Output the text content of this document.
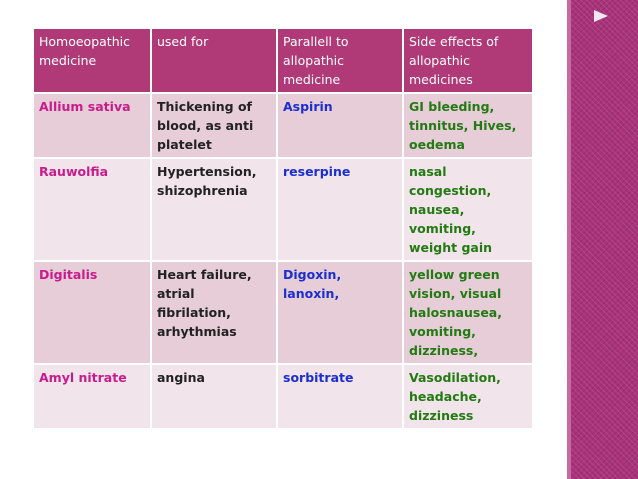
Homoeopathic medicine	used for	Parallell to allopathic medicine	Side effects of allopathic medicines
Allium sativa	Thickening of blood, as anti platelet	Aspirin	GI bleeding, tinnitus, Hives, oedema
Rauwolfia	Hypertension, shizophrenia	reserpine	nasal congestion, nausea, vomiting, weight gain
Digitalis	Heart failure, atrial fibrilation, arhythmias	Digoxin, lanoxin,	yellow green vision, visual halosnausea, vomiting, dizziness,
Amyl nitrate	angina	sorbitrate	Vasodilation, headache, dizziness
